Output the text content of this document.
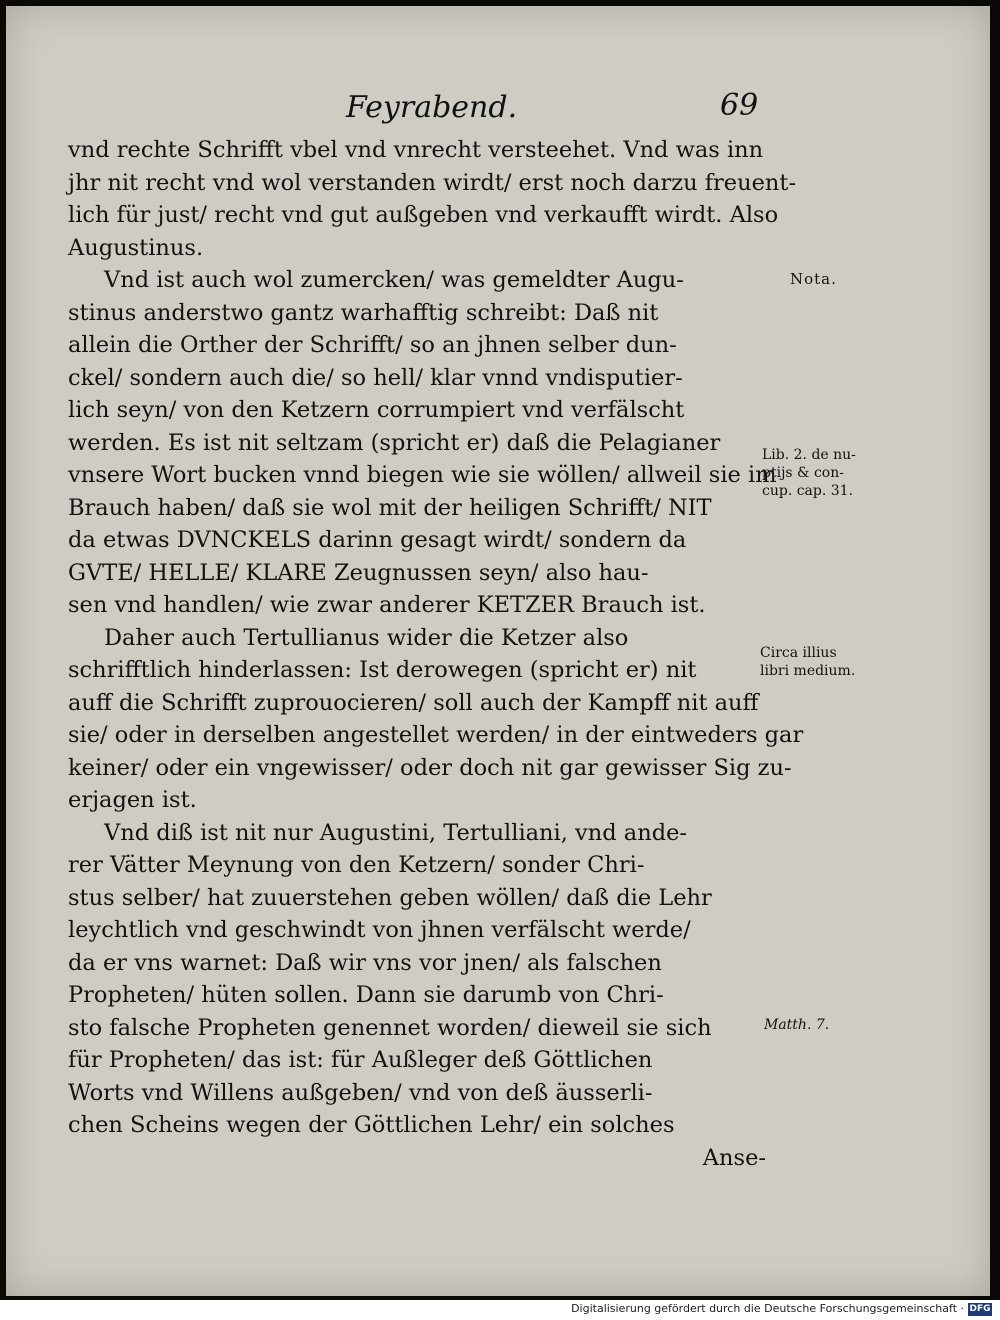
Feyrabend.	69
vnd rechte Schrifft vbel vnd vnrecht versteehet. Vnd was inn
jhr nit recht vnd wol verstanden wirdt/ erst noch darzu freuent-
lich für just/ recht vnd gut außgeben vnd verkaufft wirdt. Also
Augustinus.
Vnd ist auch wol zumercken/ was gemeldter Augu-
stinus anderstwo gantz warhafftig schreibt: Daß nit
allein die Orther der Schrifft/ so an jhnen selber dun-
ckel/ sondern auch die/ so hell/ klar vnnd vndisputier-
lich seyn/ von den Ketzern corrumpiert vnd verfälscht
werden. Es ist nit seltzam (spricht er) daß die Pelagianer
vnsere Wort bucken vnnd biegen wie sie wöllen/ allweil sie im
Brauch haben/ daß sie wol mit der heiligen Schrifft/ NIT
da etwas DVNCKELS darinn gesagt wirdt/ sondern da
GVTE/ HELLE/ KLARE Zeugnussen seyn/ also hau-
sen vnd handlen/ wie zwar anderer KETZER Brauch ist.
Daher auch Tertullianus wider die Ketzer also
schrifftlich hinderlassen: Ist derowegen (spricht er) nit
auff die Schrifft zuprouocieren/ soll auch der Kampff nit auff
sie/ oder in derselben angestellet werden/ in der eintweders gar
keiner/ oder ein vngewisser/ oder doch nit gar gewisser Sig zu-
erjagen ist.
Vnd diß ist nit nur Augustini, Tertulliani, vnd ande-
rer Vätter Meynung von den Ketzern/ sonder Chri-
stus selber/ hat zuuerstehen geben wöllen/ daß die Lehr
leychtlich vnd geschwindt von jhnen verfälscht werde/
da er vns warnet: Daß wir vns vor jnen/ als falschen
Propheten/ hüten sollen. Dann sie darumb von Chri-
sto falsche Propheten genennet worden/ dieweil sie sich
für Propheten/ das ist: für Außleger deß Göttlichen
Worts vnd Willens außgeben/ vnd von deß äusserli-
chen Scheins wegen der Göttlichen Lehr/ ein solches
Anse-
Nota.
Lib. 2. de nu-
ptijs & con-
cup. cap. 31.
Circa illius
libri medium.
Matth. 7.
Digitalisierung gefördert durch die Deutsche Forschungsgemeinschaft · DFG
